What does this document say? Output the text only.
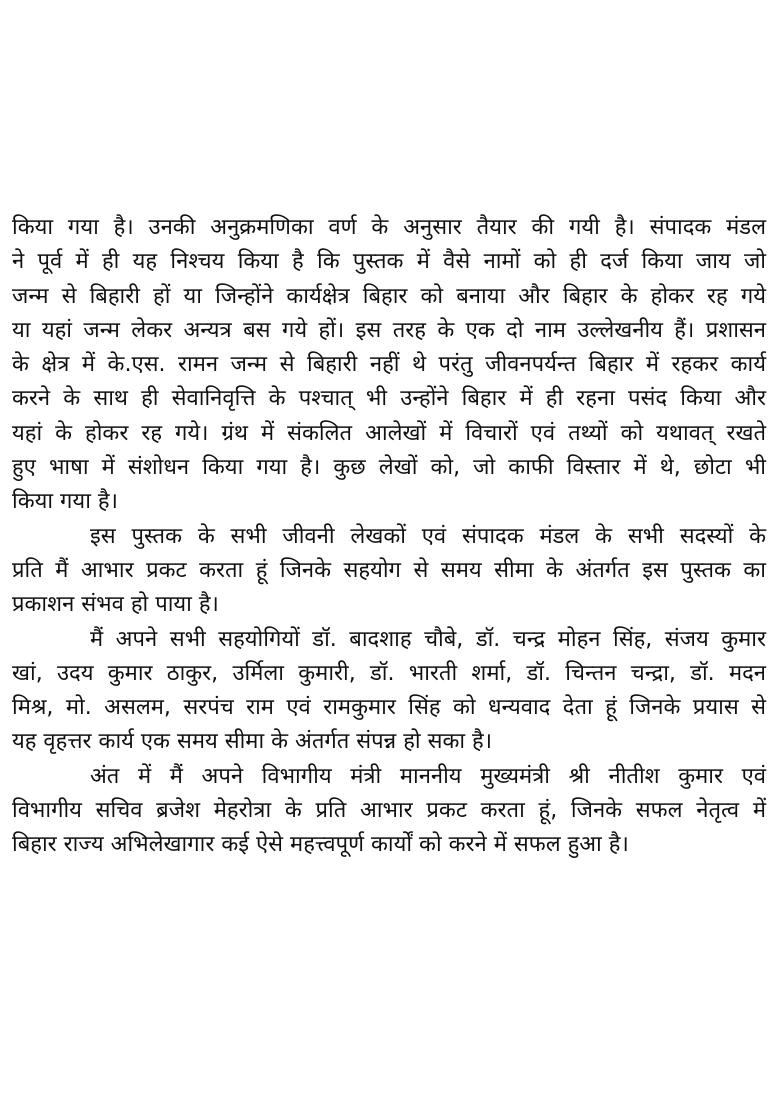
किया गया है। उनकी अनुक्रमणिका वर्ण के अनुसार तैयार की गयी है। संपादक मंडल
ने पूर्व में ही यह निश्चय किया है कि पुस्तक में वैसे नामों को ही दर्ज किया जाय जो
जन्म से बिहारी हों या जिन्होंने कार्यक्षेत्र बिहार को बनाया और बिहार के होकर रह गये
या यहां जन्म लेकर अन्यत्र बस गये हों। इस तरह के एक दो नाम उल्लेखनीय हैं। प्रशासन
के क्षेत्र में के.एस. रामन जन्म से बिहारी नहीं थे परंतु जीवनपर्यन्त बिहार में रहकर कार्य
करने के साथ ही सेवानिवृत्ति के पश्चात् भी उन्होंने बिहार में ही रहना पसंद किया और
यहां के होकर रह गये। ग्रंथ में संकलित आलेखों में विचारों एवं तथ्यों को यथावत् रखते
हुए भाषा में संशोधन किया गया है। कुछ लेखों को, जो काफी विस्तार में थे, छोटा भी
किया गया है।
इस पुस्तक के सभी जीवनी लेखकों एवं संपादक मंडल के सभी सदस्यों के
प्रति मैं आभार प्रकट करता हूं जिनके सहयोग से समय सीमा के अंतर्गत इस पुस्तक का
प्रकाशन संभव हो पाया है।
मैं अपने सभी सहयोगियों डॉ. बादशाह चौबे, डॉ. चन्द्र मोहन सिंह, संजय कुमार
खां, उदय कुमार ठाकुर, उर्मिला कुमारी, डॉ. भारती शर्मा, डॉ. चिन्तन चन्द्रा, डॉ. मदन
मिश्र, मो. असलम, सरपंच राम एवं रामकुमार सिंह को धन्यवाद देता हूं जिनके प्रयास से
यह वृहत्तर कार्य एक समय सीमा के अंतर्गत संपन्न हो सका है।
अंत में मैं अपने विभागीय मंत्री माननीय मुख्यमंत्री श्री नीतीश कुमार एवं
विभागीय सचिव ब्रजेश मेहरोत्रा के प्रति आभार प्रकट करता हूं, जिनके सफल नेतृत्व में
बिहार राज्य अभिलेखागार कई ऐसे महत्त्वपूर्ण कार्यों को करने में सफल हुआ है।
